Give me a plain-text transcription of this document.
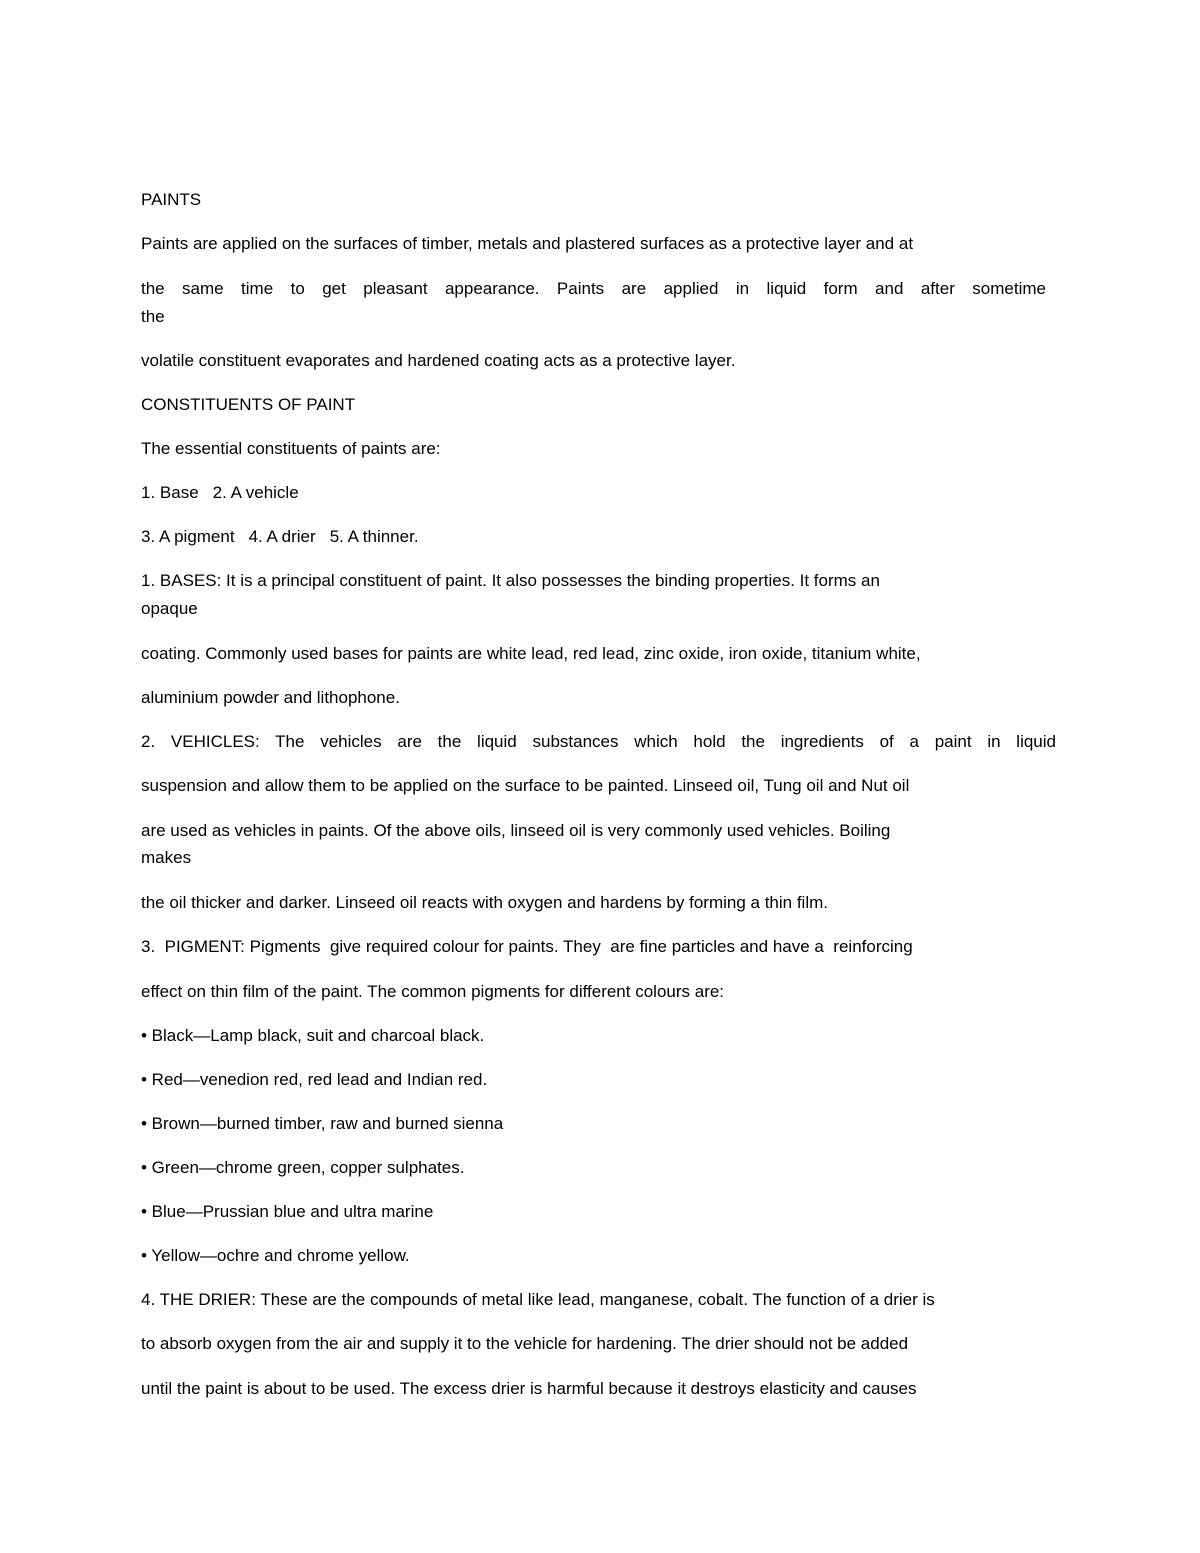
PAINTS

Paints are applied on the surfaces of timber, metals and plastered surfaces as a protective layer and at

the same time to get pleasant appearance. Paints are applied in liquid form and after sometime

the

volatile constituent evaporates and hardened coating acts as a protective layer.

CONSTITUENTS OF PAINT

The essential constituents of paints are:

1. Base 2. A vehicle

3. A pigment 4. A drier 5. A thinner.

1. BASES: It is a principal constituent of paint. It also possesses the binding properties. It forms an

opaque

coating. Commonly used bases for paints are white lead, red lead, zinc oxide, iron oxide, titanium white,

aluminium powder and lithophone.

2. VEHICLES: The vehicles are the liquid substances which hold the ingredients of a paint in liquid

suspension and allow them to be applied on the surface to be painted. Linseed oil, Tung oil and Nut oil

are used as vehicles in paints. Of the above oils, linseed oil is very commonly used vehicles. Boiling

makes

the oil thicker and darker. Linseed oil reacts with oxygen and hardens by forming a thin film.

3.  PIGMENT: Pigments  give required colour for paints. They  are fine particles and have a  reinforcing

effect on thin film of the paint. The common pigments for different colours are:

• Black—Lamp black, suit and charcoal black.

• Red—venedion red, red lead and Indian red.

• Brown—burned timber, raw and burned sienna

• Green—chrome green, copper sulphates.

• Blue—Prussian blue and ultra marine

• Yellow—ochre and chrome yellow.

4. THE DRIER: These are the compounds of metal like lead, manganese, cobalt. The function of a drier is

to absorb oxygen from the air and supply it to the vehicle for hardening. The drier should not be added

until the paint is about to be used. The excess drier is harmful because it destroys elasticity and causes
